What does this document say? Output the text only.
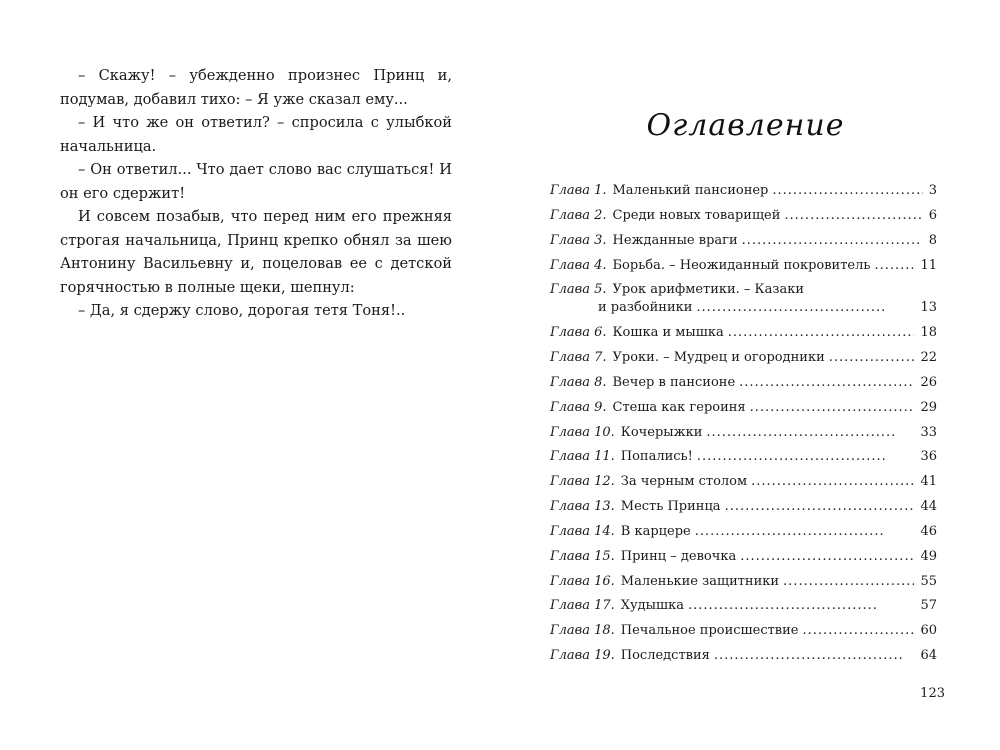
– Скажу! – убежденно произнес Принц и, подумав, добавил тихо: – Я уже сказал ему...

– И что же он ответил? – спросила с улыбкой начальница.

– Он ответил... Что дает слово вас слушаться! И он его сдержит!

И совсем позабыв, что перед ним его прежняя строгая начальница, Принц крепко обнял за шею Антонину Васильевну и, поцеловав ее с детской горячностью в полные щеки, шепнул:

– Да, я сдержу слово, дорогая тетя Тоня!..

Оглавление
Глава 1. Маленький пансионер .....	3
Глава 2. Среди новых товарищей .....	6
Глава 3. Нежданные враги .....	8
Глава 4. Борьба. – Неожиданный покровитель .....	11
Глава 5. Урок арифметики. – Казаки
и разбойники .....	13
Глава 6. Кошка и мышка .....	18
Глава 7. Уроки. – Мудрец и огородники .....	22
Глава 8. Вечер в пансионе .....	26
Глава 9. Стеша как героиня .....	29
Глава 10. Кочерыжки .....	33
Глава 11. Попались! .....	36
Глава 12. За черным столом .....	41
Глава 13. Месть Принца .....	44
Глава 14. В карцере .....	46
Глава 15. Принц – девочка .....	49
Глава 16. Маленькие защитники .....	55
Глава 17. Худышка .....	57
Глава 18. Печальное происшествие .....	60
Глава 19. Последствия .....	64
123
